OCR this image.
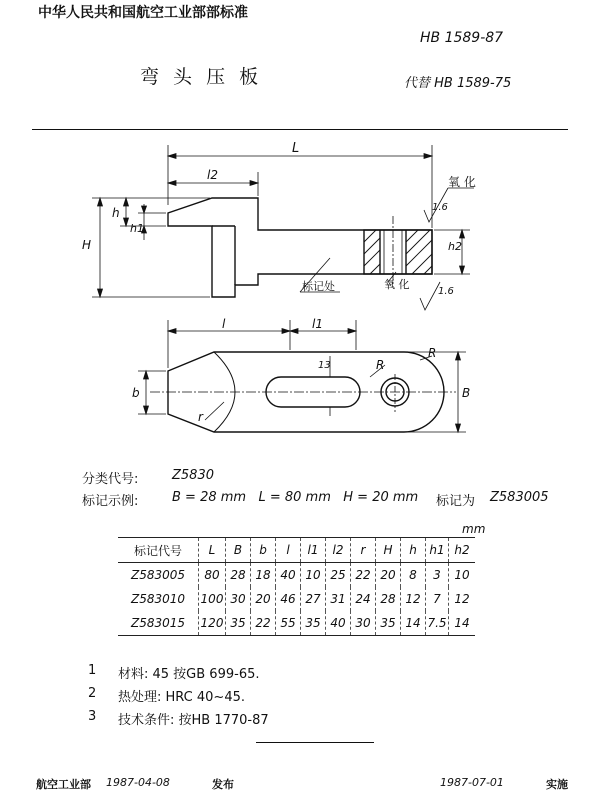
中华人民共和国航空工业部部标准
HB 1589-87
弯 头 压 板	代替 HB 1589-75
L
l2
H
h
h1
h2
氧 化
1.6
标记处	氧 化
1.6
l	l1
b	B
13	R
R
r
分类代号:	Z5830
标记示例:	B = 28 mm   L = 80 mm   H = 20 mm 标记为 Z583005
mm
标记代号	L	B	b	l	l1	l2	r	H	h	h1	h2
Z583005	80	28	18	40	10	25	22	20	8	3	10
Z583010	100	30	20	46	27	31	24	28	12	7	12
Z583015	120	35	22	55	35	40	30	35	14	7.5	14
1 材料: 45 按GB 699-65.
2 热处理: HRC 40~45.
3 技术条件: 按HB 1770-87
航空工业部 1987-04-08	发布	1987-07-01	实施
